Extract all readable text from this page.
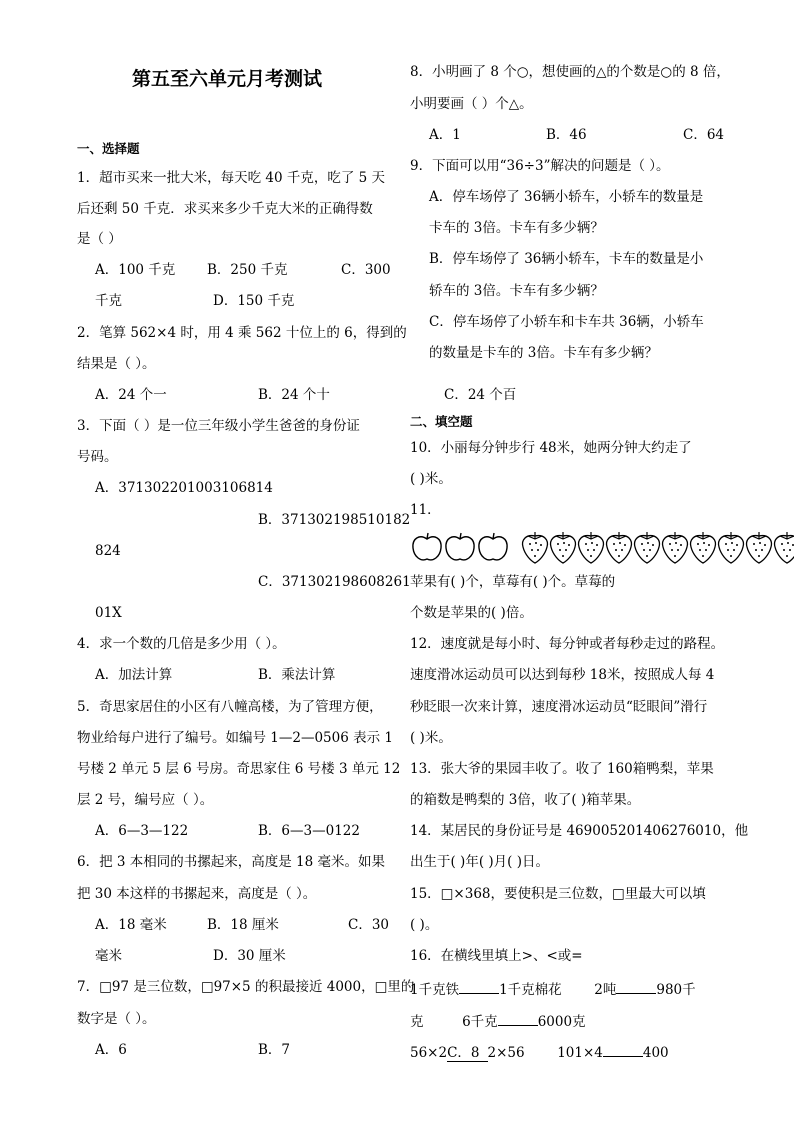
第五至六单元月考测试
一、选择题
1．超市买来一批大米，每天吃 40 千克，吃了 5 天
后还剩 50 千克．求买来多少千克大米的正确得数
是（ ）
A．100 千克 B．250 千克	C．300
千克	D．150 千克
2．笔算 562×4 时，用 4 乘 562 十位上的 6，得到的
结果是（ ）。
A．24 个一	B．24 个十
3．下面（ ）是一位三年级小学生爸爸的身份证
号码。
A．371302201003106814
B．37130219851018​2
824
C．37130219860826​1
01X
4．求一个数的几倍是多少用（ ）。
A．加法计算	B．乘法计算
5．奇思家居住的小区有八幢高楼，为了管理方便，
物业给每户进行了编号。如编号 1—2—0506 表示 1
号楼 2 单元 5 层 6 号房。奇思家住 6 号楼 3 单元 12
层 2 号，编号应（ ）。
A．6—3—122	B．6—3—0122
6．把 3 本相同的书摞起来，高度是 18 毫米。如果
把 30 本这样的书摞起来，高度是（ ）。
A．18 毫米	B．18 厘米	C．30
毫米	D．30 厘米
7．□97 是三位数，□97×5 的积最接近 4000，□里的
数字是（ ）。
A．6	B．7
8．小明画了 8 个○，想使画的△的个数是○的 8 倍，
小明要画（ ）个△。
A．1	B．46	C．64
9．下面可以用“36÷3”解决的问题是（ ）。
A．停车场停了 36辆小轿车，小轿车的数量是
卡车的 3倍。卡车有多少辆？
B．停车场停了 36辆小轿车，卡车的数量是小
轿车的 3倍。卡车有多少辆？
C．停车场停了小轿车和卡车共 36辆，小轿车
的数量是卡车的 3倍。卡车有多少辆？
C．24 个百
二、填空题
10．小丽每分钟步行 48米，她两分钟大约走了
( )米。
11．
苹果有( )个，草莓有( )个。草莓的
个数是苹果的( )倍。
12．速度就是每小时、每分钟或者每秒走过的路程。
速度滑冰运动员可以达到每秒 18米，按照成人每 4
秒眨眼一次来计算，速度滑冰运动员“眨眼间”滑行
( )米。
13．张大爷的果园丰收了。收了 160箱鸭梨，苹果
的箱数是鸭梨的 3倍，收了( )箱苹果。
14．某居民的身份证号是 469005201406276010，他
出生于( )年( )月( )日。
15．□×368，要使积是三位数，□里最大可以填
( )。
16．在横线里填上>、<或=
1千克铁	1千克棉花 2吨	980千
克	6千克	6000克
56×2C．8 2×56 101×4	400
